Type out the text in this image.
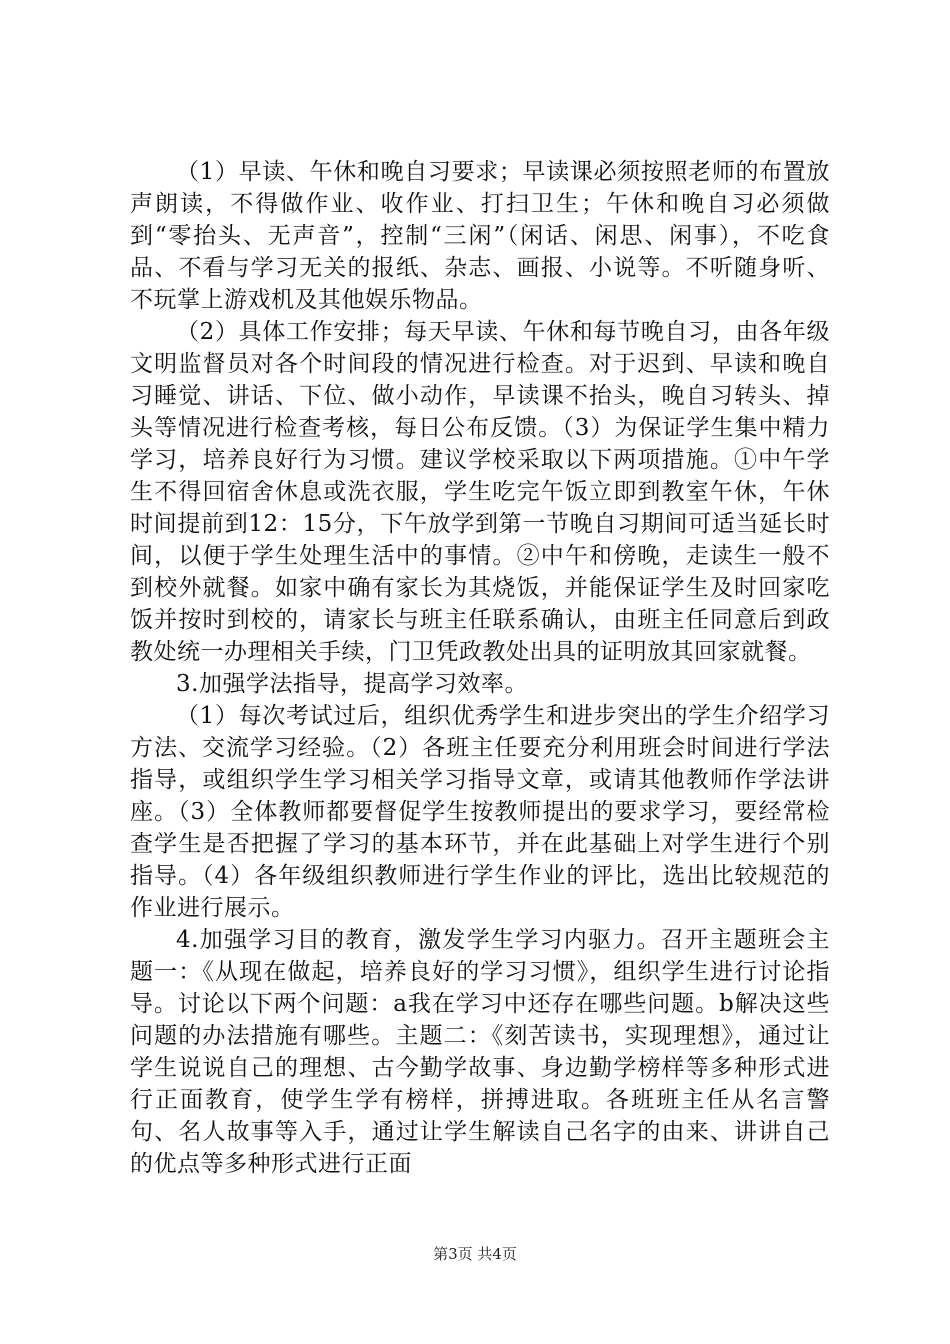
（1）早读、午休和晚自习要求；早读课必须按照老师的布置放声朗读，不得做作业、收作业、打扫卫生；午休和晚自习必须做到“零抬头、无声音”，控制“三闲”（闲话、闲思、闲事），不吃食品、不看与学习无关的报纸、杂志、画报、小说等。不听随身听、不玩掌上游戏机及其他娱乐物品。

（2）具体工作安排；每天早读、午休和每节晚自习，由各年级文明监督员对各个时间段的情况进行检查。对于迟到、早读和晚自习睡觉、讲话、下位、做小动作，早读课不抬头，晚自习转头、掉头等情况进行检查考核，每日公布反馈。（3）为保证学生集中精力学习，培养良好行为习惯。建议学校采取以下两项措施。①中午学生不得回宿舍休息或洗衣服，学生吃完午饭立即到教室午休，午休时间提前到12：15分，下午放学到第一节晚自习期间可适当延长时间，以便于学生处理生活中的事情。②中午和傍晚，走读生一般不到校外就餐。如家中确有家长为其烧饭，并能保证学生及时回家吃饭并按时到校的，请家长与班主任联系确认，由班主任同意后到政教处统一办理相关手续，门卫凭政教处出具的证明放其回家就餐。

3.加强学法指导，提高学习效率。

（1）每次考试过后，组织优秀学生和进步突出的学生介绍学习方法、交流学习经验。（2）各班主任要充分利用班会时间进行学法指导，或组织学生学习相关学习指导文章，或请其他教师作学法讲座。（3）全体教师都要督促学生按教师提出的要求学习，要经常检查学生是否把握了学习的基本环节，并在此基础上对学生进行个别指导。（4）各年级组织教师进行学生作业的评比，选出比较规范的作业进行展示。

4.加强学习目的教育，激发学生学习内驱力。召开主题班会主题一：《从现在做起，培养良好的学习习惯》，组织学生进行讨论指导。讨论以下两个问题：a我在学习中还存在哪些问题。b解决这些问题的办法措施有哪些。主题二：《刻苦读书，实现理想》，通过让学生说说自己的理想、古今勤学故事、身边勤学榜样等多种形式进行正面教育，使学生学有榜样，拼搏进取。各班班主任从名言警句、名人故事等入手，通过让学生解读自己名字的由来、讲讲自己的优点等多种形式进行正面

第3页 共4页
